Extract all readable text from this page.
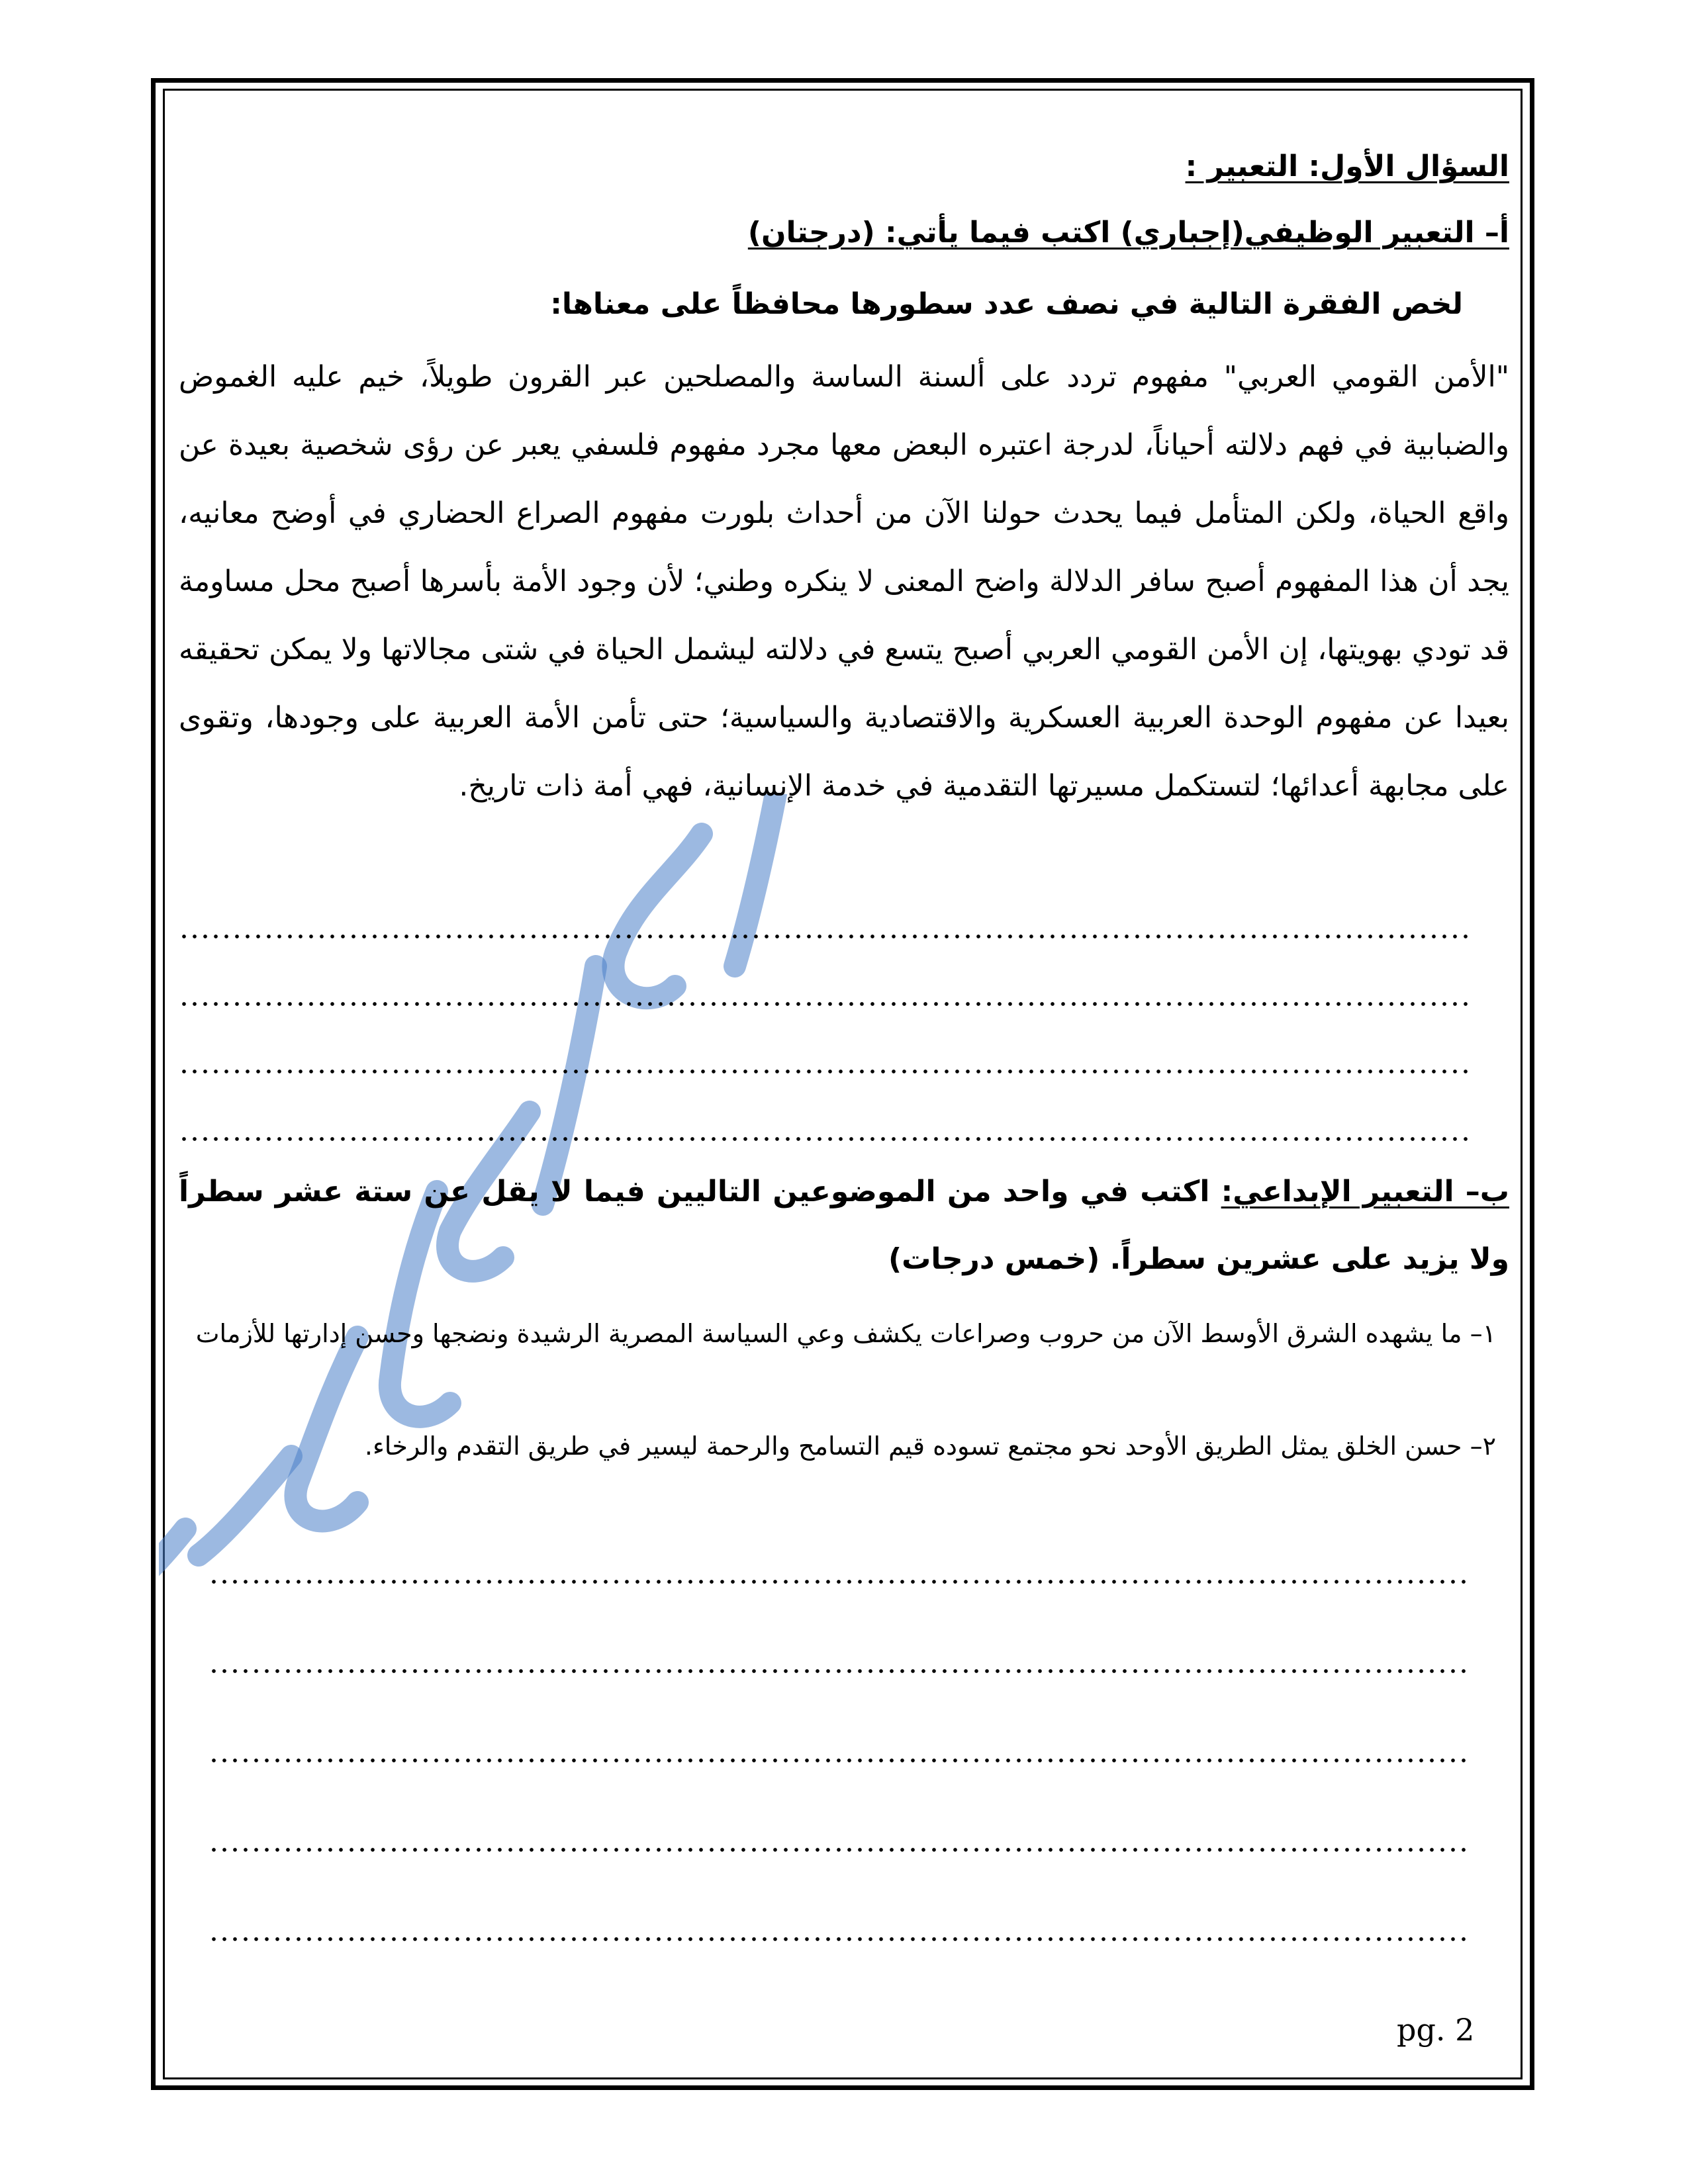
السؤال الأول: التعبير :
أ– التعبير الوظيفي(إجباري) اكتب فيما يأتي: (درجتان)
لخص الفقرة التالية في نصف عدد سطورها محافظاً على معناها:
"الأمن القومي العربي" مفهوم تردد على ألسنة الساسة والمصلحين عبر القرون طويلاً، خيم عليه الغموض والضبابية في فهم دلالته أحياناً، لدرجة اعتبره البعض معها مجرد مفهوم فلسفي يعبر عن رؤى شخصية بعيدة عن واقع الحياة، ولكن المتأمل فيما يحدث حولنا الآن من أحداث بلورت مفهوم الصراع الحضاري في أوضح معانيه، يجد أن هذا المفهوم أصبح سافر الدلالة واضح المعنى لا ينكره وطني؛ لأن وجود الأمة بأسرها أصبح محل مساومة قد تودي بهويتها، إن الأمن القومي العربي أصبح يتسع في دلالته ليشمل الحياة في شتى مجالاتها ولا يمكن تحقيقه بعيدا عن مفهوم الوحدة العربية العسكرية والاقتصادية والسياسية؛ حتى تأمن الأمة العربية على وجودها، وتقوى على مجابهة أعدائها؛ لتستكمل مسيرتها التقدمية في خدمة الإنسانية، فهي أمة ذات تاريخ.
ب– التعبير الإبداعي: اكتب في واحد من الموضوعين التاليين فيما لا يقل عن ستة عشر سطراً ولا يزيد على عشرين سطراً. (خمس درجات)
١– ما يشهده الشرق الأوسط الآن من حروب وصراعات يكشف وعي السياسة المصرية الرشيدة ونضجها وحسن إدارتها للأزمات
٢– حسن الخلق يمثل الطريق الأوحد نحو مجتمع تسوده قيم التسامح والرحمة ليسير في طريق التقدم والرخاء.
pg. 2
